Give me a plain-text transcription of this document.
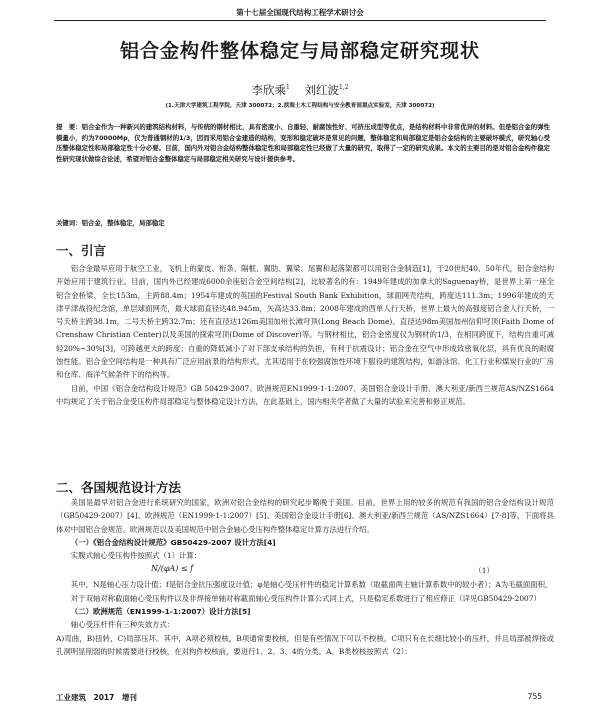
第十七届全国现代结构工程学术研讨会
铝合金构件整体稳定与局部稳定研究现状
李欣乘$^1$ 刘红波$^{1,2}$
(1.天津大学建筑工程学院，天津 300072；2.滨海土木工程结构与安全教育部重点实验室，天津 300072)
提　要：铝合金作为一种新兴的建筑结构材料，与传统的钢材相比，具有密度小、自重轻、耐腐蚀性好、可挤压成型等优点，是结构材料中非常优异的材料。但是铝合金的弹性模量小，约为70000Mp，仅为普通钢材的1/3，因而采用铝合金建造的结构，变形和稳定破坏是常见的问题，整体稳定和局部稳定是铝合金结构的主要破坏模式，研究轴心受压整体稳定性和局部稳定性十分必要。目前，国内外对铝合金结构整体稳定性和局部稳定性已经做了大量的研究，取得了一定的研究成果。本文的主要目的是对铝合金构件稳定性研究现状做综合论述，希望对铝合金整体稳定与局部稳定相关研究与设计提供参考。
关键词：铝合金，整体稳定，局部稳定
一、引言

铝合金最早应用于航空工业，飞机上的蒙皮、桁条、隔框、翼肋、翼梁、尾翼和起落架都可以用铝合金制造[1]，于20世纪40、50年代，铝合金结构开始应用于建筑行业。目前，国内外已经建成6000余座铝合金空间结构[2]，比较著名的有：1949年建成的加拿大的Saguenay桥，是世界上第一座全铝合金桥梁，全长153m，主跨88.4m；1954年建成的英国的Festival South Bank Exhibition，球面网壳结构，跨度达111.3m；1996年建成的天津平津战役纪念馆，单层球面网壳，最大球面直径达48.945m，矢高达33.8m；2008年建成的西单人行天桥，世界上最大的高强度铝合金人行天桥，一号天桥主跨38.1m，二号天桥主跨32.7m；还有直径达126m美国加州长滩穹顶(Long Beach Dome)、直径达98m美国加州信仰穹顶(Faith Dome of Crenshaw Christian Center)以及美国的探索穹顶(Dome of Discover)等。与钢材相比，铝合金密度仅为钢材的1/3，在相同跨度下，结构自重可减轻20%~30%[3]，可跨越更大的跨度；自重的降低减小了对下部支承结构的负担，有利于抗震设计；铝合金在空气中形成致密氧化层，具有优良的耐腐蚀性能。铝合金空间结构是一种具有广泛应用前景的结构形式，尤其适用于在较强腐蚀性环境下服役的建筑结构，如游泳馆、化工行业和煤炭行业的厂房和仓库、海洋气候条件下的结构等。

目前，中国《铝合金结构设计规范》GB 50429-2007、欧洲规范EN1999-1-1:2007、美国铝合金设计手册、澳大利亚/新西兰规范AS/NZS1664中均规定了关于铝合金受压构件局部稳定与整体稳定设计方法，在此基础上，国内相关学者做了大量的试验来完善和修正规范。

二、各国规范设计方法

美国是最早对铝合金进行系统研究的国家，欧洲对铝合金结构的研究起步略晚于美国。目前，世界上用的较多的规范有我国的铝合金结构设计规范（GB50429-2007）[4]、欧洲规范（EN1999-1-1:2007）[5]、美国铝合金设计手册[6]、澳大利亚/新西兰规范（AS/NZS1664）[7-8]等，下面将具体对中国铝合金规范、欧洲规范以及美国规范中铝合金轴心受压构件整体稳定计算方法进行介绍。

（一）《铝合金结构设计规范》GB50429-2007 设计方法[4]

实腹式轴心受压构件按照式（1）计算：

N/(φA) ≤ f	（1）

其中，N是轴心压力设计值；f是铝合金抗压强度设计值；φ是轴心受压杆件的稳定计算系数（取截面两主轴计算系数中的较小者）；A为毛截面面积。

对于双轴对称截面轴心受压构件以及非焊接单轴对称截面轴心受压构件计算公式同上式，只是稳定系数进行了相应修正（详见GB50429-2007）

（二）欧洲规范（EN1999-1-1:2007）设计方法[5]

轴心受压杆件有三种失效方式：

A)弯曲，B)扭转，C)局部压坏。其中，A项必须校核，B项通常要校核，但是有些情况下可以不校核。C项只有在长细比较小的压杆，并且局部被焊接或孔洞明显削弱的时候需要进行校核，在对构件校核前，要进行1、2、3、4的分类。A、B类校核按照式（2）：

工业建筑　2017　增刊	755
